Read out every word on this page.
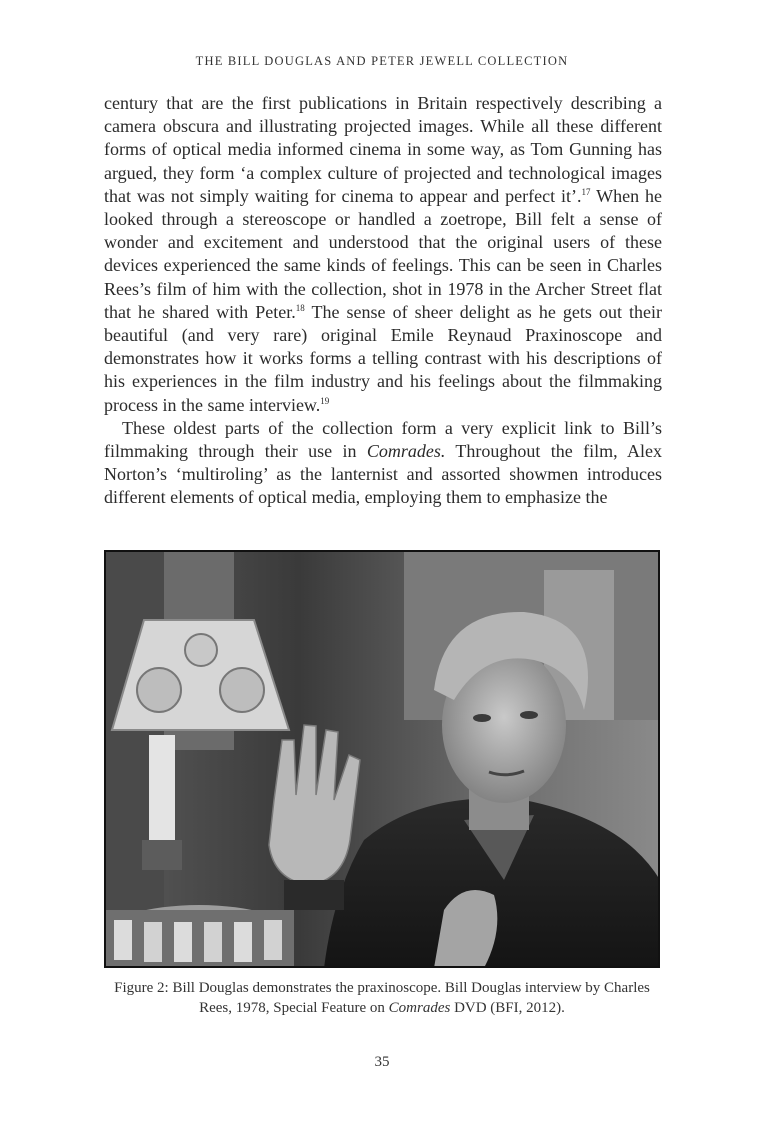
THE BILL DOUGLAS AND PETER JEWELL COLLECTION

century that are the first publications in Britain respectively describing a camera obscura and illustrating projected images. While all these different forms of optical media informed cinema in some way, as Tom Gunning has argued, they form ‘a complex culture of projected and technological images that was not simply waiting for cinema to appear and perfect it’.$^{17}$ When he looked through a stereoscope or handled a zoetrope, Bill felt a sense of wonder and excitement and understood that the original users of these devices experienced the same kinds of feelings. This can be seen in Charles Rees’s film of him with the collection, shot in 1978 in the Archer Street flat that he shared with Peter.$^{18}$ The sense of sheer delight as he gets out their beautiful (and very rare) original Emile Reynaud Praxinoscope and demonstrates how it works forms a telling contrast with his descriptions of his experiences in the film industry and his feelings about the filmmaking process in the same interview.$^{19}$

These oldest parts of the collection form a very explicit link to Bill’s filmmaking through their use in Comrades. Throughout the film, Alex Norton’s ‘multiroling’ as the lanternist and assorted showmen introduces different elements of optical media, employing them to emphasize the

Figure 2: Bill Douglas demonstrates the praxinoscope. Bill Douglas interview by Charles Rees, 1978, Special Feature on Comrades DVD (BFI, 2012).
35
